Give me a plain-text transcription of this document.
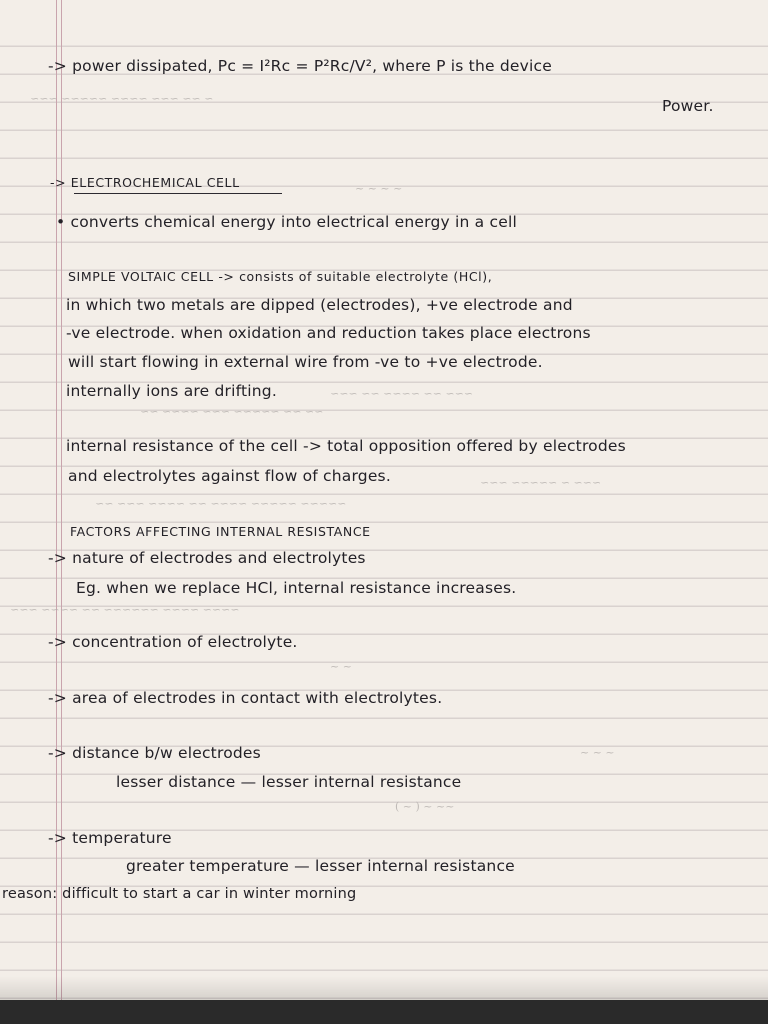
~ ~~ ~~~ ~~~~ ~~~~~ ~~~
~ ~ ~ ~
~~~ ~~ ~~~~ ~~ ~~~
~~ ~~ ~~~~~ ~~~ ~~~~ ~~
~~~ ~ ~~~~~ ~~~
~~~~~ ~~~~~ ~~~~ ~~ ~~~~ ~~~ ~~
~~~~ ~~~~ ~~~~~~ ~~ ~~~~ ~~~
~ ~
~ ~ ~
( ~ ) ~ ~~
-> power dissipated, Pc = I²Rc = P²Rc/V², where P is the device
Power.
-> ELECTROCHEMICAL CELL
• converts chemical energy into electrical energy in a cell
SIMPLE VOLTAIC CELL -> consists of suitable electrolyte (HCl),
in which two metals are dipped (electrodes), +ve electrode and
-ve electrode. when oxidation and reduction takes place electrons
will start flowing in external wire from -ve to +ve electrode.
internally ions are drifting.
internal resistance of the cell -> total opposition offered by electrodes
and electrolytes against flow of charges.
FACTORS AFFECTING INTERNAL RESISTANCE
-> nature of electrodes and electrolytes
Eg. when we replace HCl, internal resistance increases.
-> concentration of electrolyte.
-> area of electrodes in contact with electrolytes.
-> distance b/w electrodes
lesser distance — lesser internal resistance
-> temperature
greater temperature — lesser internal resistance
reason: difficult to start a car in winter morning
